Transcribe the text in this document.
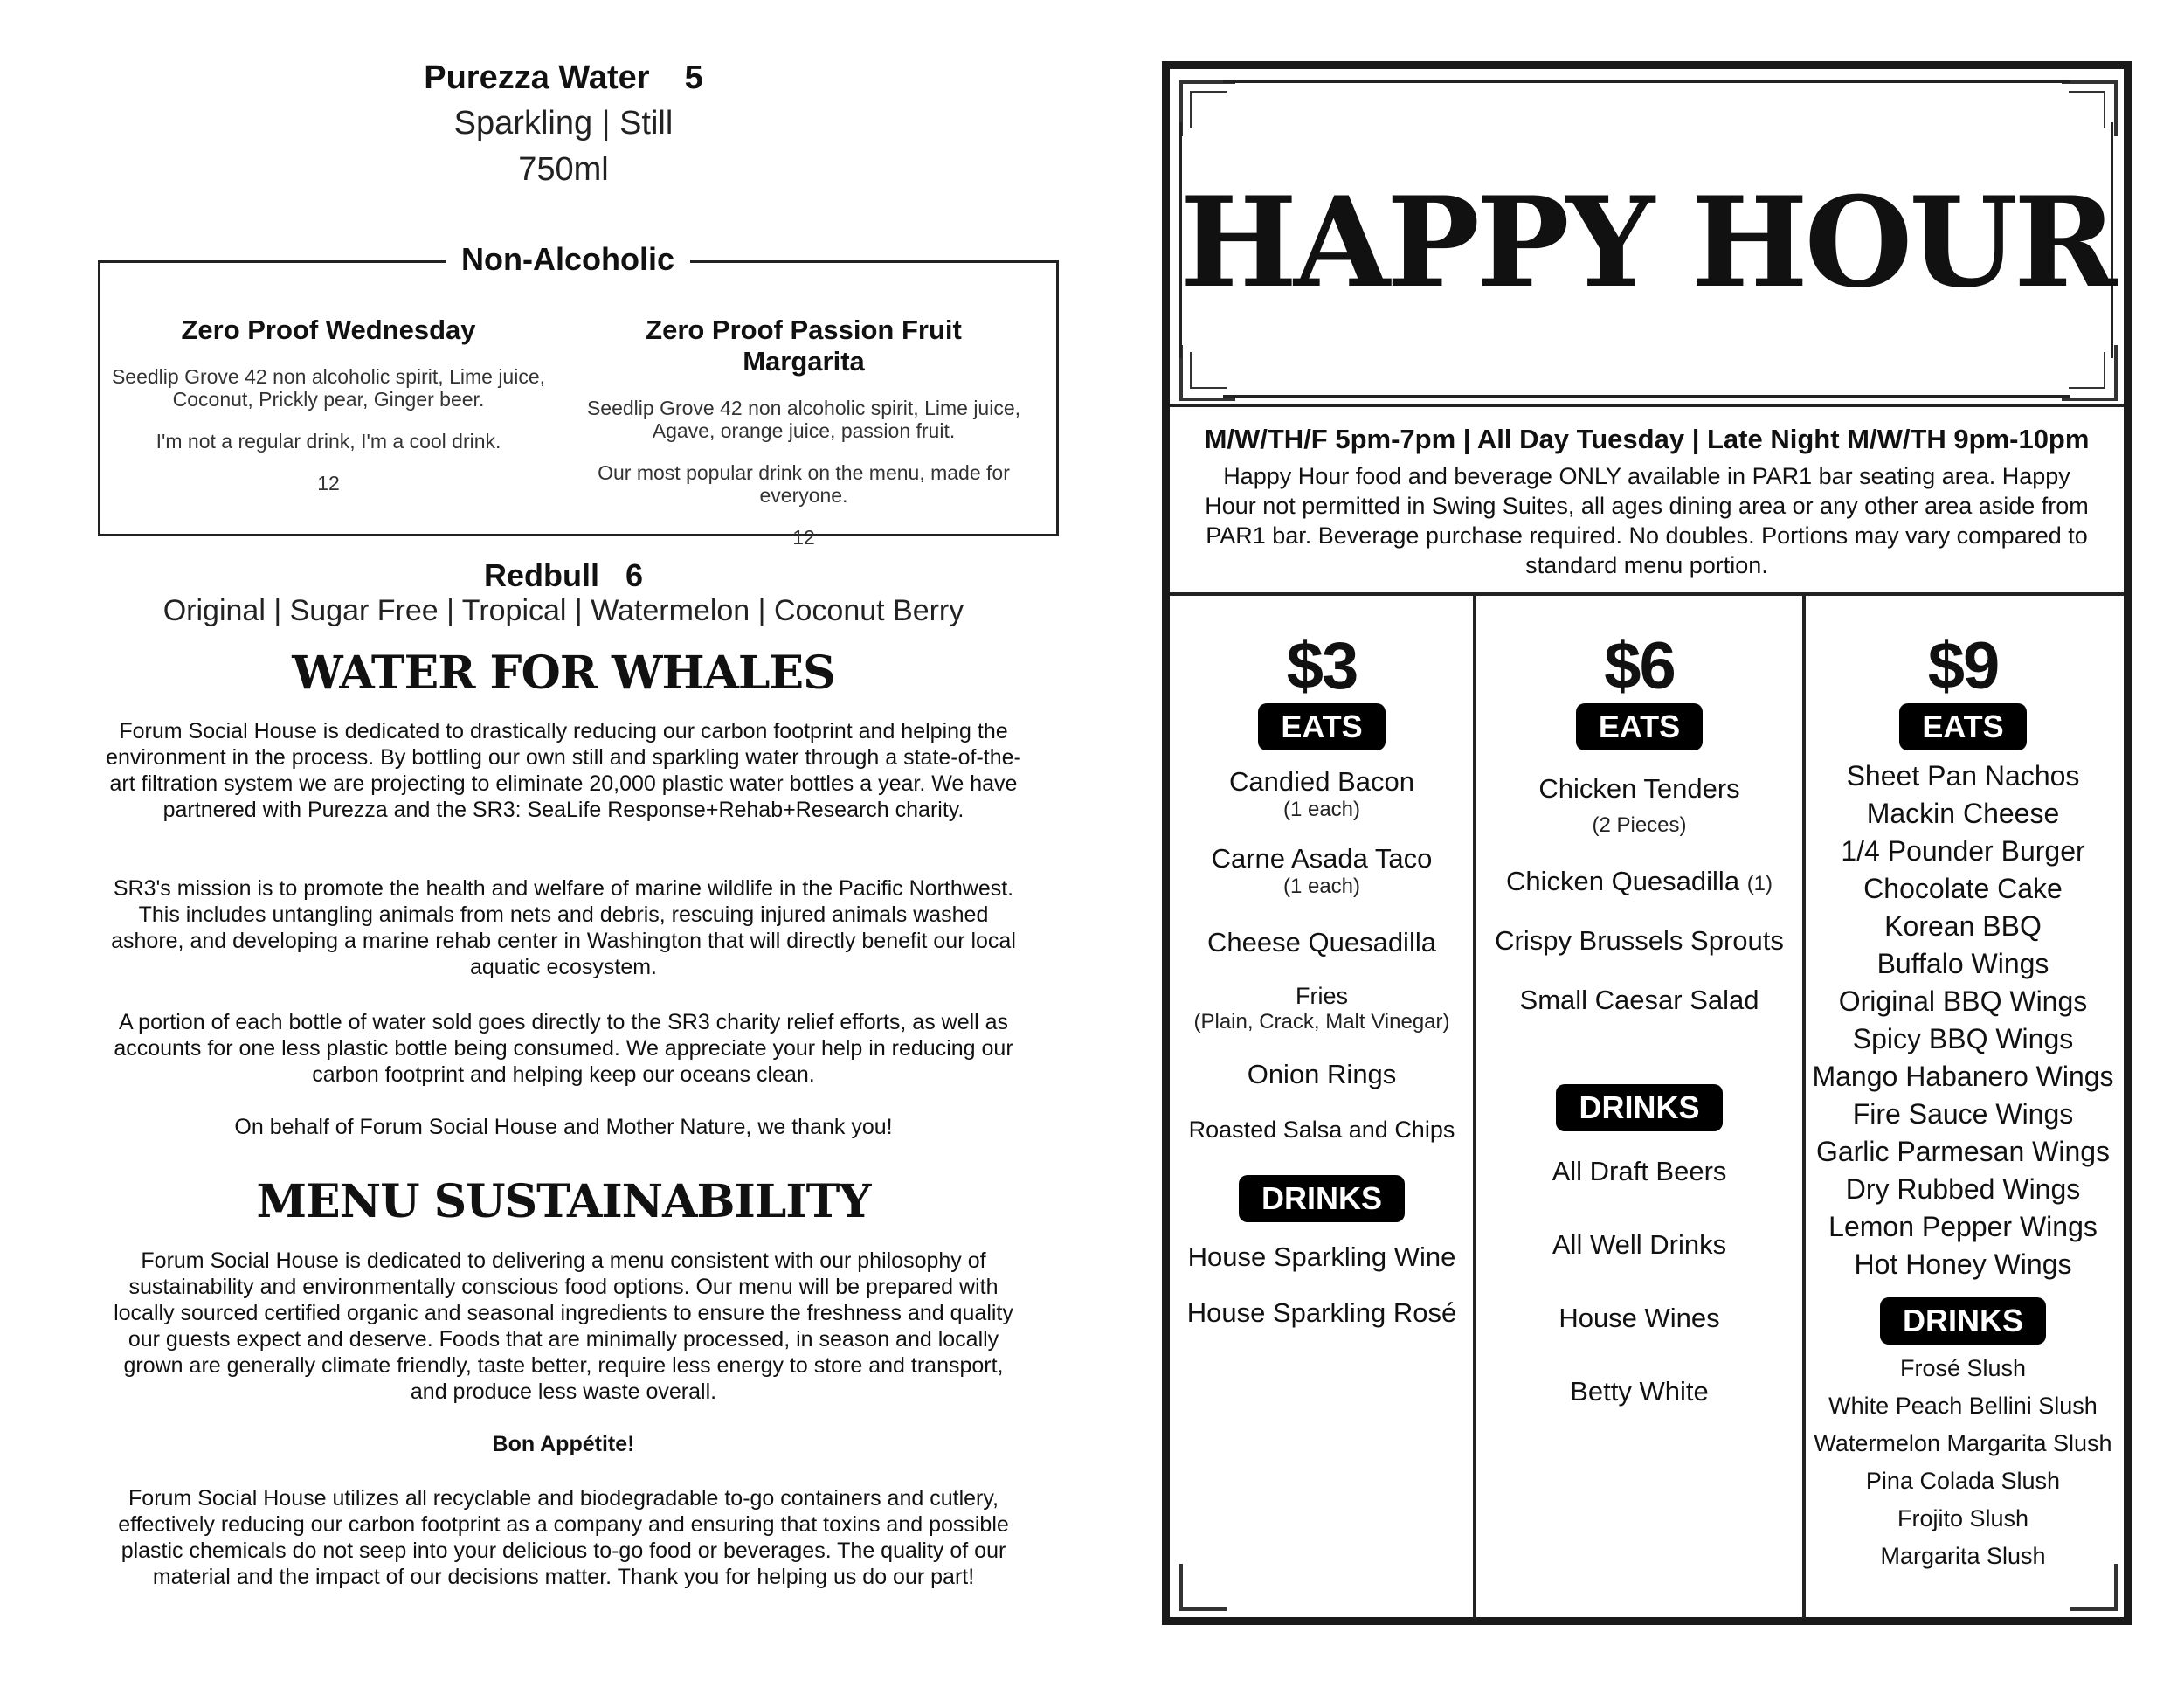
Purezza Water 5
Sparkling | Still
750ml
Non-Alcoholic
Zero Proof Wednesday
Seedlip Grove 42 non alcoholic spirit, Lime juice, Coconut, Prickly pear, Ginger beer.
I'm not a regular drink, I'm a cool drink.
12
Zero Proof Passion Fruit Margarita
Seedlip Grove 42 non alcoholic spirit, Lime juice, Agave, orange juice, passion fruit.
Our most popular drink on the menu, made for everyone.
12
Redbull 6
Original | Sugar Free | Tropical | Watermelon | Coconut Berry
WATER FOR WHALES
Forum Social House is dedicated to drastically reducing our carbon footprint and helping the environment in the process. By bottling our own still and sparkling water through a state-of-the-art filtration system we are projecting to eliminate 20,000 plastic water bottles a year. We have partnered with Purezza and the SR3: SeaLife Response+Rehab+Research charity.
SR3's mission is to promote the health and welfare of marine wildlife in the Pacific Northwest. This includes untangling animals from nets and debris, rescuing injured animals washed ashore, and developing a marine rehab center in Washington that will directly benefit our local aquatic ecosystem.
A portion of each bottle of water sold goes directly to the SR3 charity relief efforts, as well as accounts for one less plastic bottle being consumed. We appreciate your help in reducing our carbon footprint and helping keep our oceans clean.
On behalf of Forum Social House and Mother Nature, we thank you!
MENU SUSTAINABILITY
Forum Social House is dedicated to delivering a menu consistent with our philosophy of sustainability and environmentally conscious food options. Our menu will be prepared with locally sourced certified organic and seasonal ingredients to ensure the freshness and quality our guests expect and deserve. Foods that are minimally processed, in season and locally grown are generally climate friendly, taste better, require less energy to store and transport, and produce less waste overall.
Bon Appétite!
Forum Social House utilizes all recyclable and biodegradable to-go containers and cutlery, effectively reducing our carbon footprint as a company and ensuring that toxins and possible plastic chemicals do not seep into your delicious to-go food or beverages. The quality of our material and the impact of our decisions matter. Thank you for helping us do our part!
HAPPY HOUR
M/W/TH/F 5pm-7pm | All Day Tuesday | Late Night M/W/TH 9pm-10pm
Happy Hour food and beverage ONLY available in PAR1 bar seating area. Happy Hour not permitted in Swing Suites, all ages dining area or any other area aside from PAR1 bar. Beverage purchase required. No doubles. Portions may vary compared to standard menu portion.
$3
EATS
Candied Bacon
(1 each)
Carne Asada Taco
(1 each)
Cheese Quesadilla
Fries
(Plain, Crack, Malt Vinegar)
Onion Rings
Roasted Salsa and Chips
DRINKS
House Sparkling Wine
House Sparkling Rosé
$6
EATS
Chicken Tenders
(2 Pieces)
Chicken Quesadilla (1)
Crispy Brussels Sprouts
Small Caesar Salad
DRINKS
All Draft Beers
All Well Drinks
House Wines
Betty White
$9
EATS
Sheet Pan Nachos
Mackin Cheese
1/4 Pounder Burger
Chocolate Cake
Korean BBQ
Buffalo Wings
Original BBQ Wings
Spicy BBQ Wings
Mango Habanero Wings
Fire Sauce Wings
Garlic Parmesan Wings
Dry Rubbed Wings
Lemon Pepper Wings
Hot Honey Wings
DRINKS
Frosé Slush
White Peach Bellini Slush
Watermelon Margarita Slush
Pina Colada Slush
Frojito Slush
Margarita Slush
